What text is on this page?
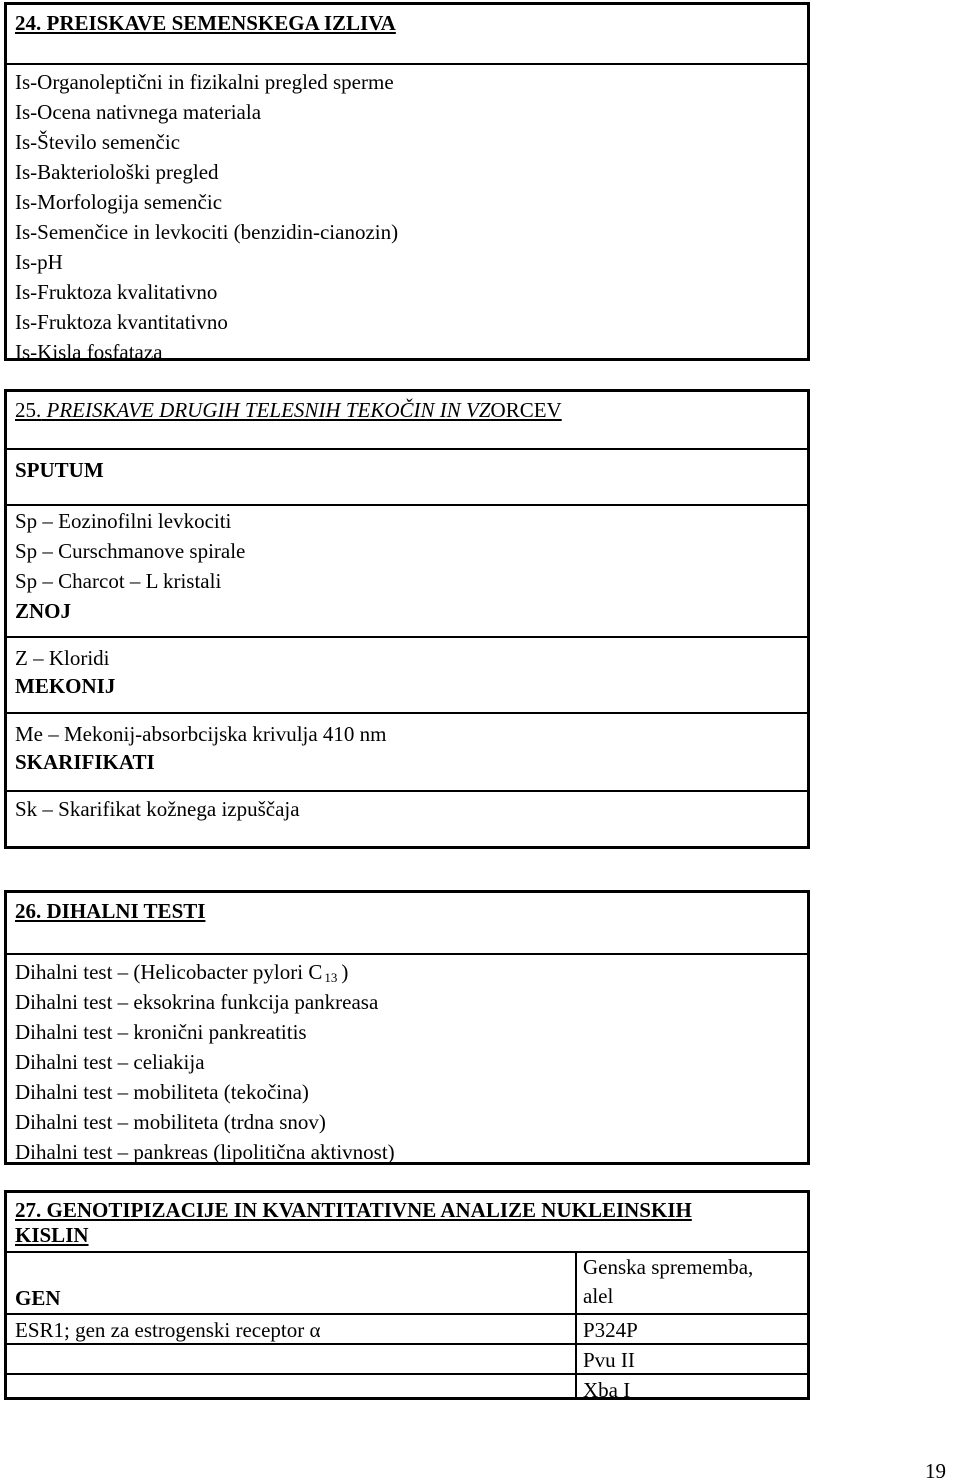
24. PREISKAVE SEMENSKEGA IZLIVA
Is-Organoleptični in fizikalni pregled sperme
Is-Ocena nativnega materiala
Is-Število semenčic
Is-Bakteriološki pregled
Is-Morfologija semenčic
Is-Semenčice in levkociti (benzidin-cianozin)
Is-pH
Is-Fruktoza kvalitativno
Is-Fruktoza kvantitativno
Is-Kisla fosfataza
25. PREISKAVE DRUGIH TELESNIH TEKOČIN IN VZORCEV
SPUTUM
Sp – Eozinofilni levkociti
Sp – Curschmanove spirale
Sp – Charcot – L kristali
ZNOJ
Z – Kloridi
MEKONIJ
Me – Mekonij-absorbcijska krivulja 410 nm
SKARIFIKATI
Sk – Skarifikat kožnega izpuščaja
26. DIHALNI TESTI
Dihalni test – (Helicobacter pylori C $_{13}$ )
Dihalni test – eksokrina funkcija pankreasa
Dihalni test – kronični pankreatitis
Dihalni test – celiakija
Dihalni test – mobiliteta (tekočina)
Dihalni test – mobiliteta (trdna snov)
Dihalni test – pankreas (lipolitična aktivnost)
27. GENOTIPIZACIJE IN KVANTITATIVNE ANALIZE NUKLEINSKIH
KISLIN
GEN
Genska sprememba,
alel
ESR1; gen za estrogenski receptor α	P324P
Pvu II
Xba I
19
